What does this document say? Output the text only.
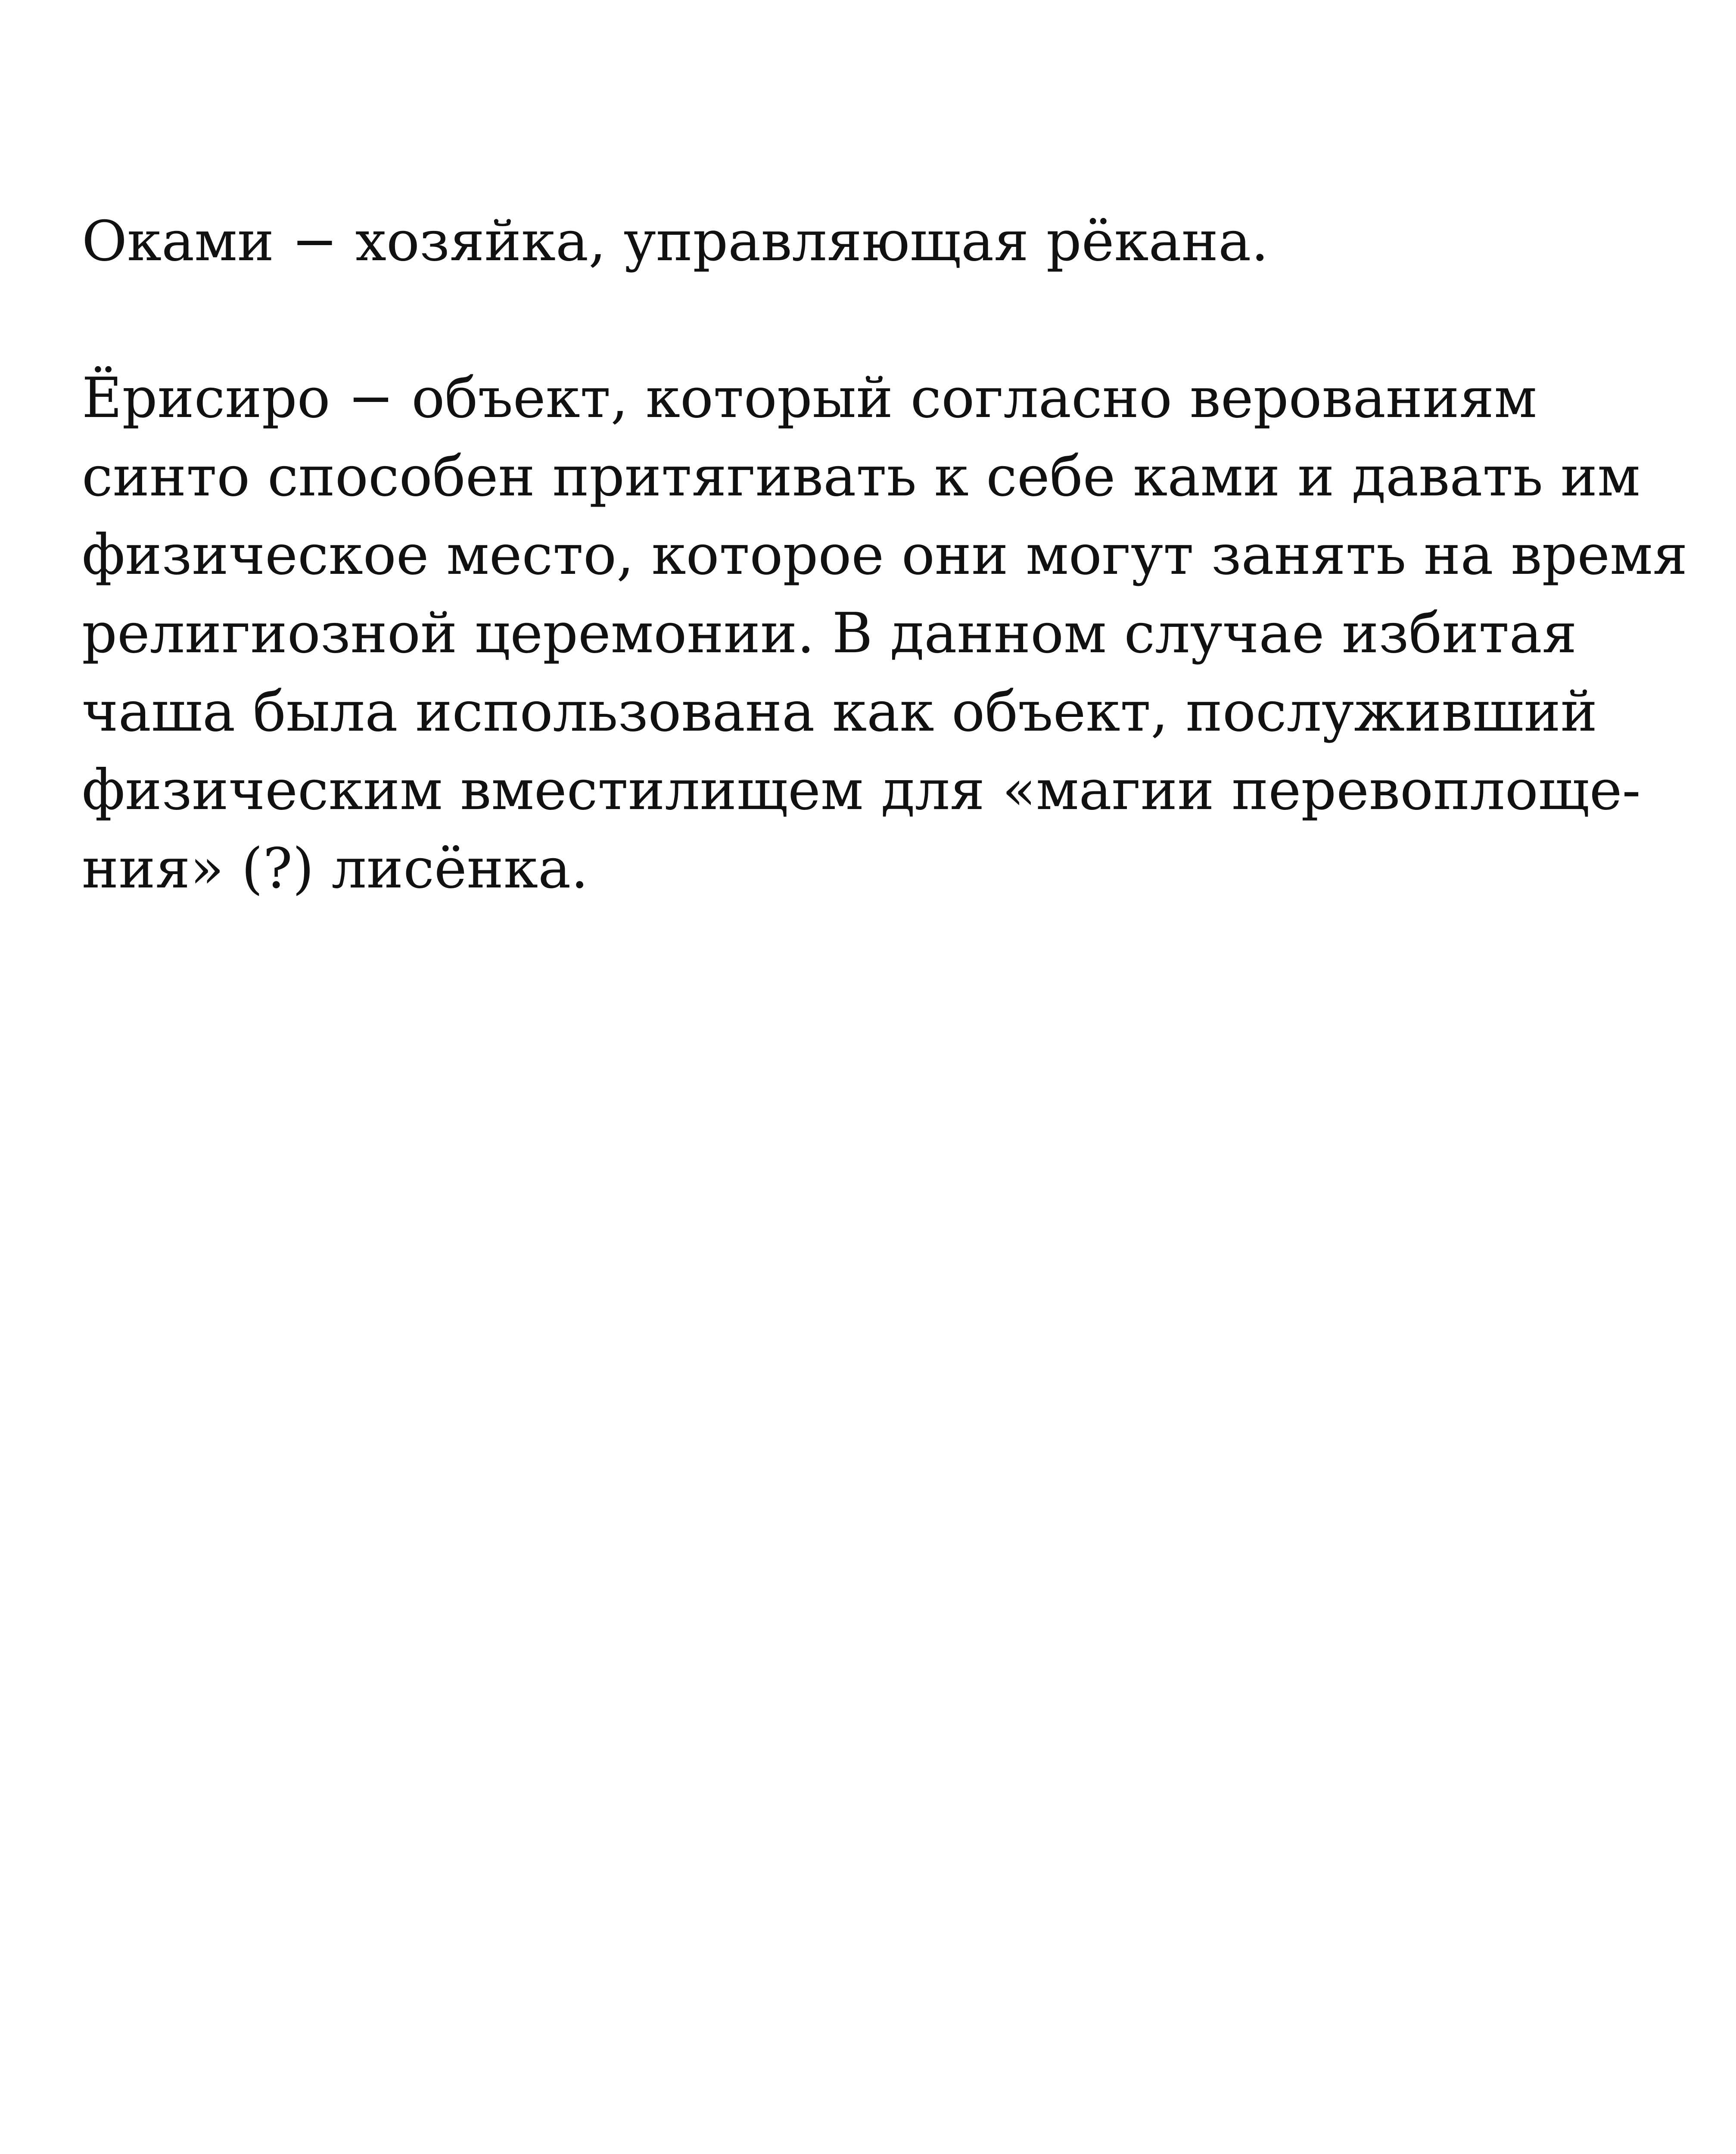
Оками − хозяйка, управляющая рёкана.
Ёрисиро − объект, который согласно верованиям
синто способен притягивать к себе ками и давать им
физическое место, которое они могут занять на время
религиозной церемонии. В данном случае избитая
чаша была использована как объект, послуживший
физическим вместилищем для «магии перевоплоще-
ния» (?) лисёнка.
